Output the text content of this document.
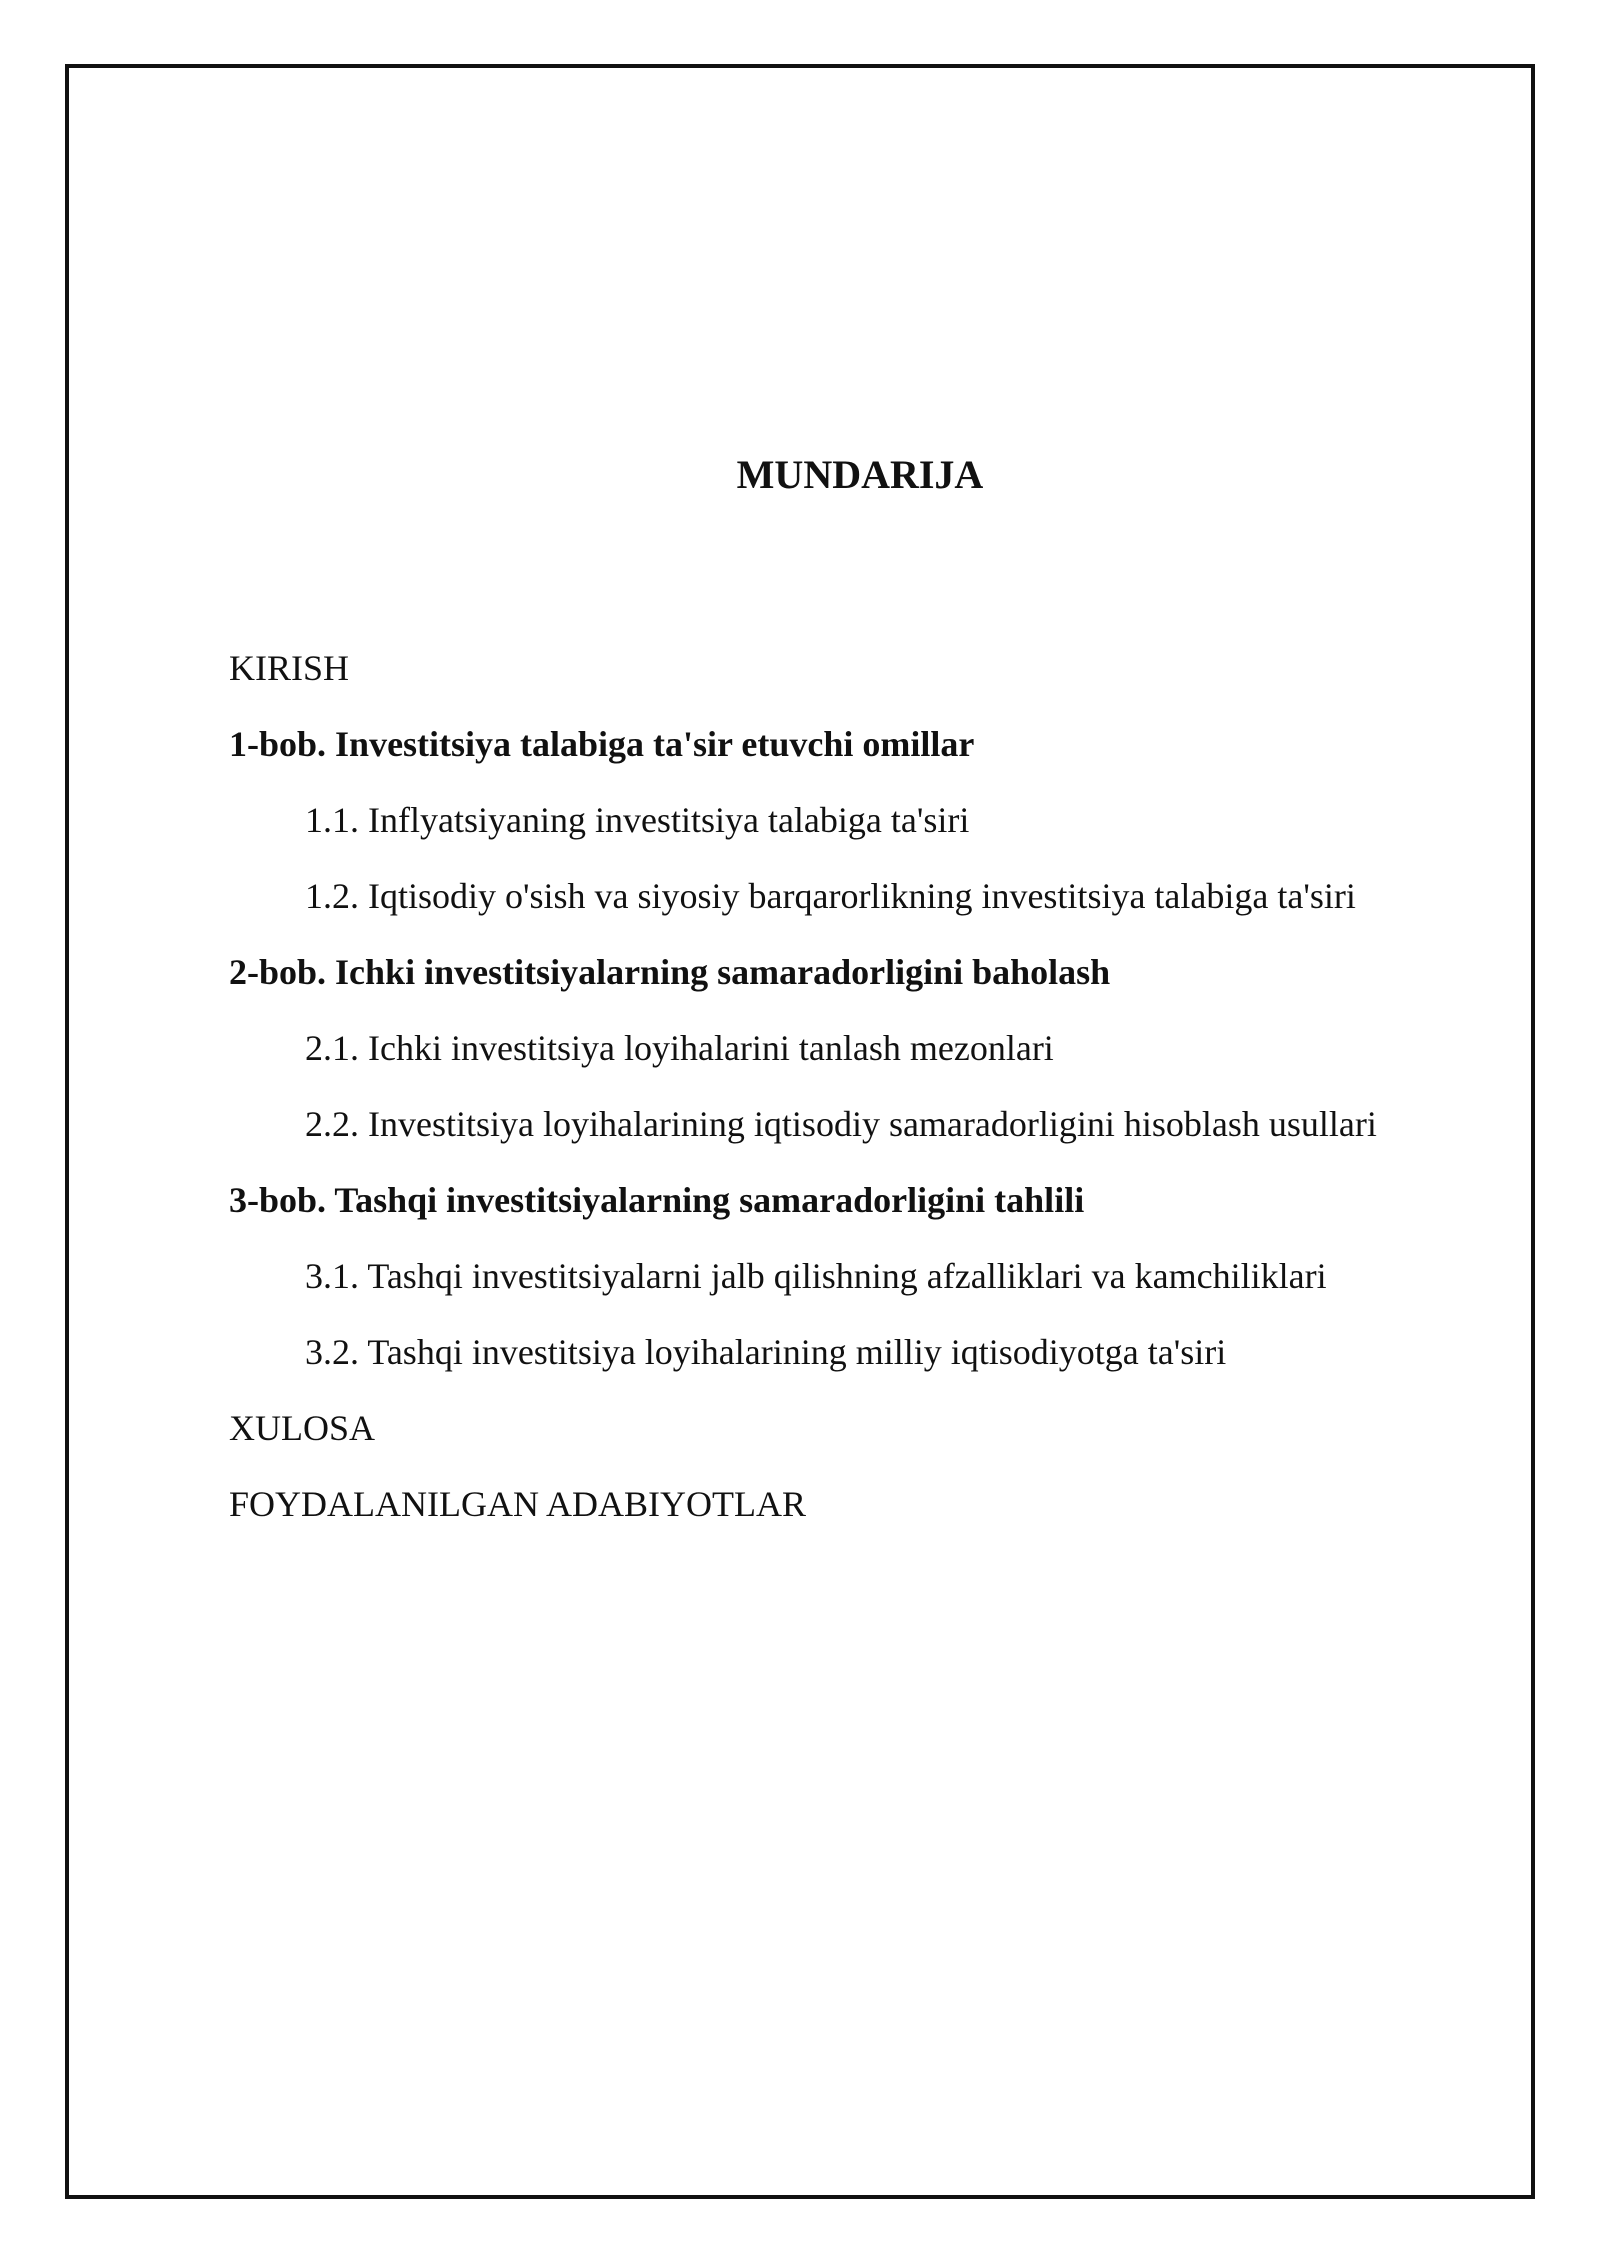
MUNDARIJA
KIRISH
1-bob. Investitsiya talabiga ta'sir etuvchi omillar
1.1. Inflyatsiyaning investitsiya talabiga ta'siri
1.2. Iqtisodiy o'sish va siyosiy barqarorlikning investitsiya talabiga ta'siri
2-bob. Ichki investitsiyalarning samaradorligini baholash
2.1. Ichki investitsiya loyihalarini tanlash mezonlari
2.2. Investitsiya loyihalarining iqtisodiy samaradorligini hisoblash usullari
3-bob. Tashqi investitsiyalarning samaradorligini tahlili
3.1. Tashqi investitsiyalarni jalb qilishning afzalliklari va kamchiliklari
3.2. Tashqi investitsiya loyihalarining milliy iqtisodiyotga ta'siri
XULOSA
FOYDALANILGAN ADABIYOTLAR
